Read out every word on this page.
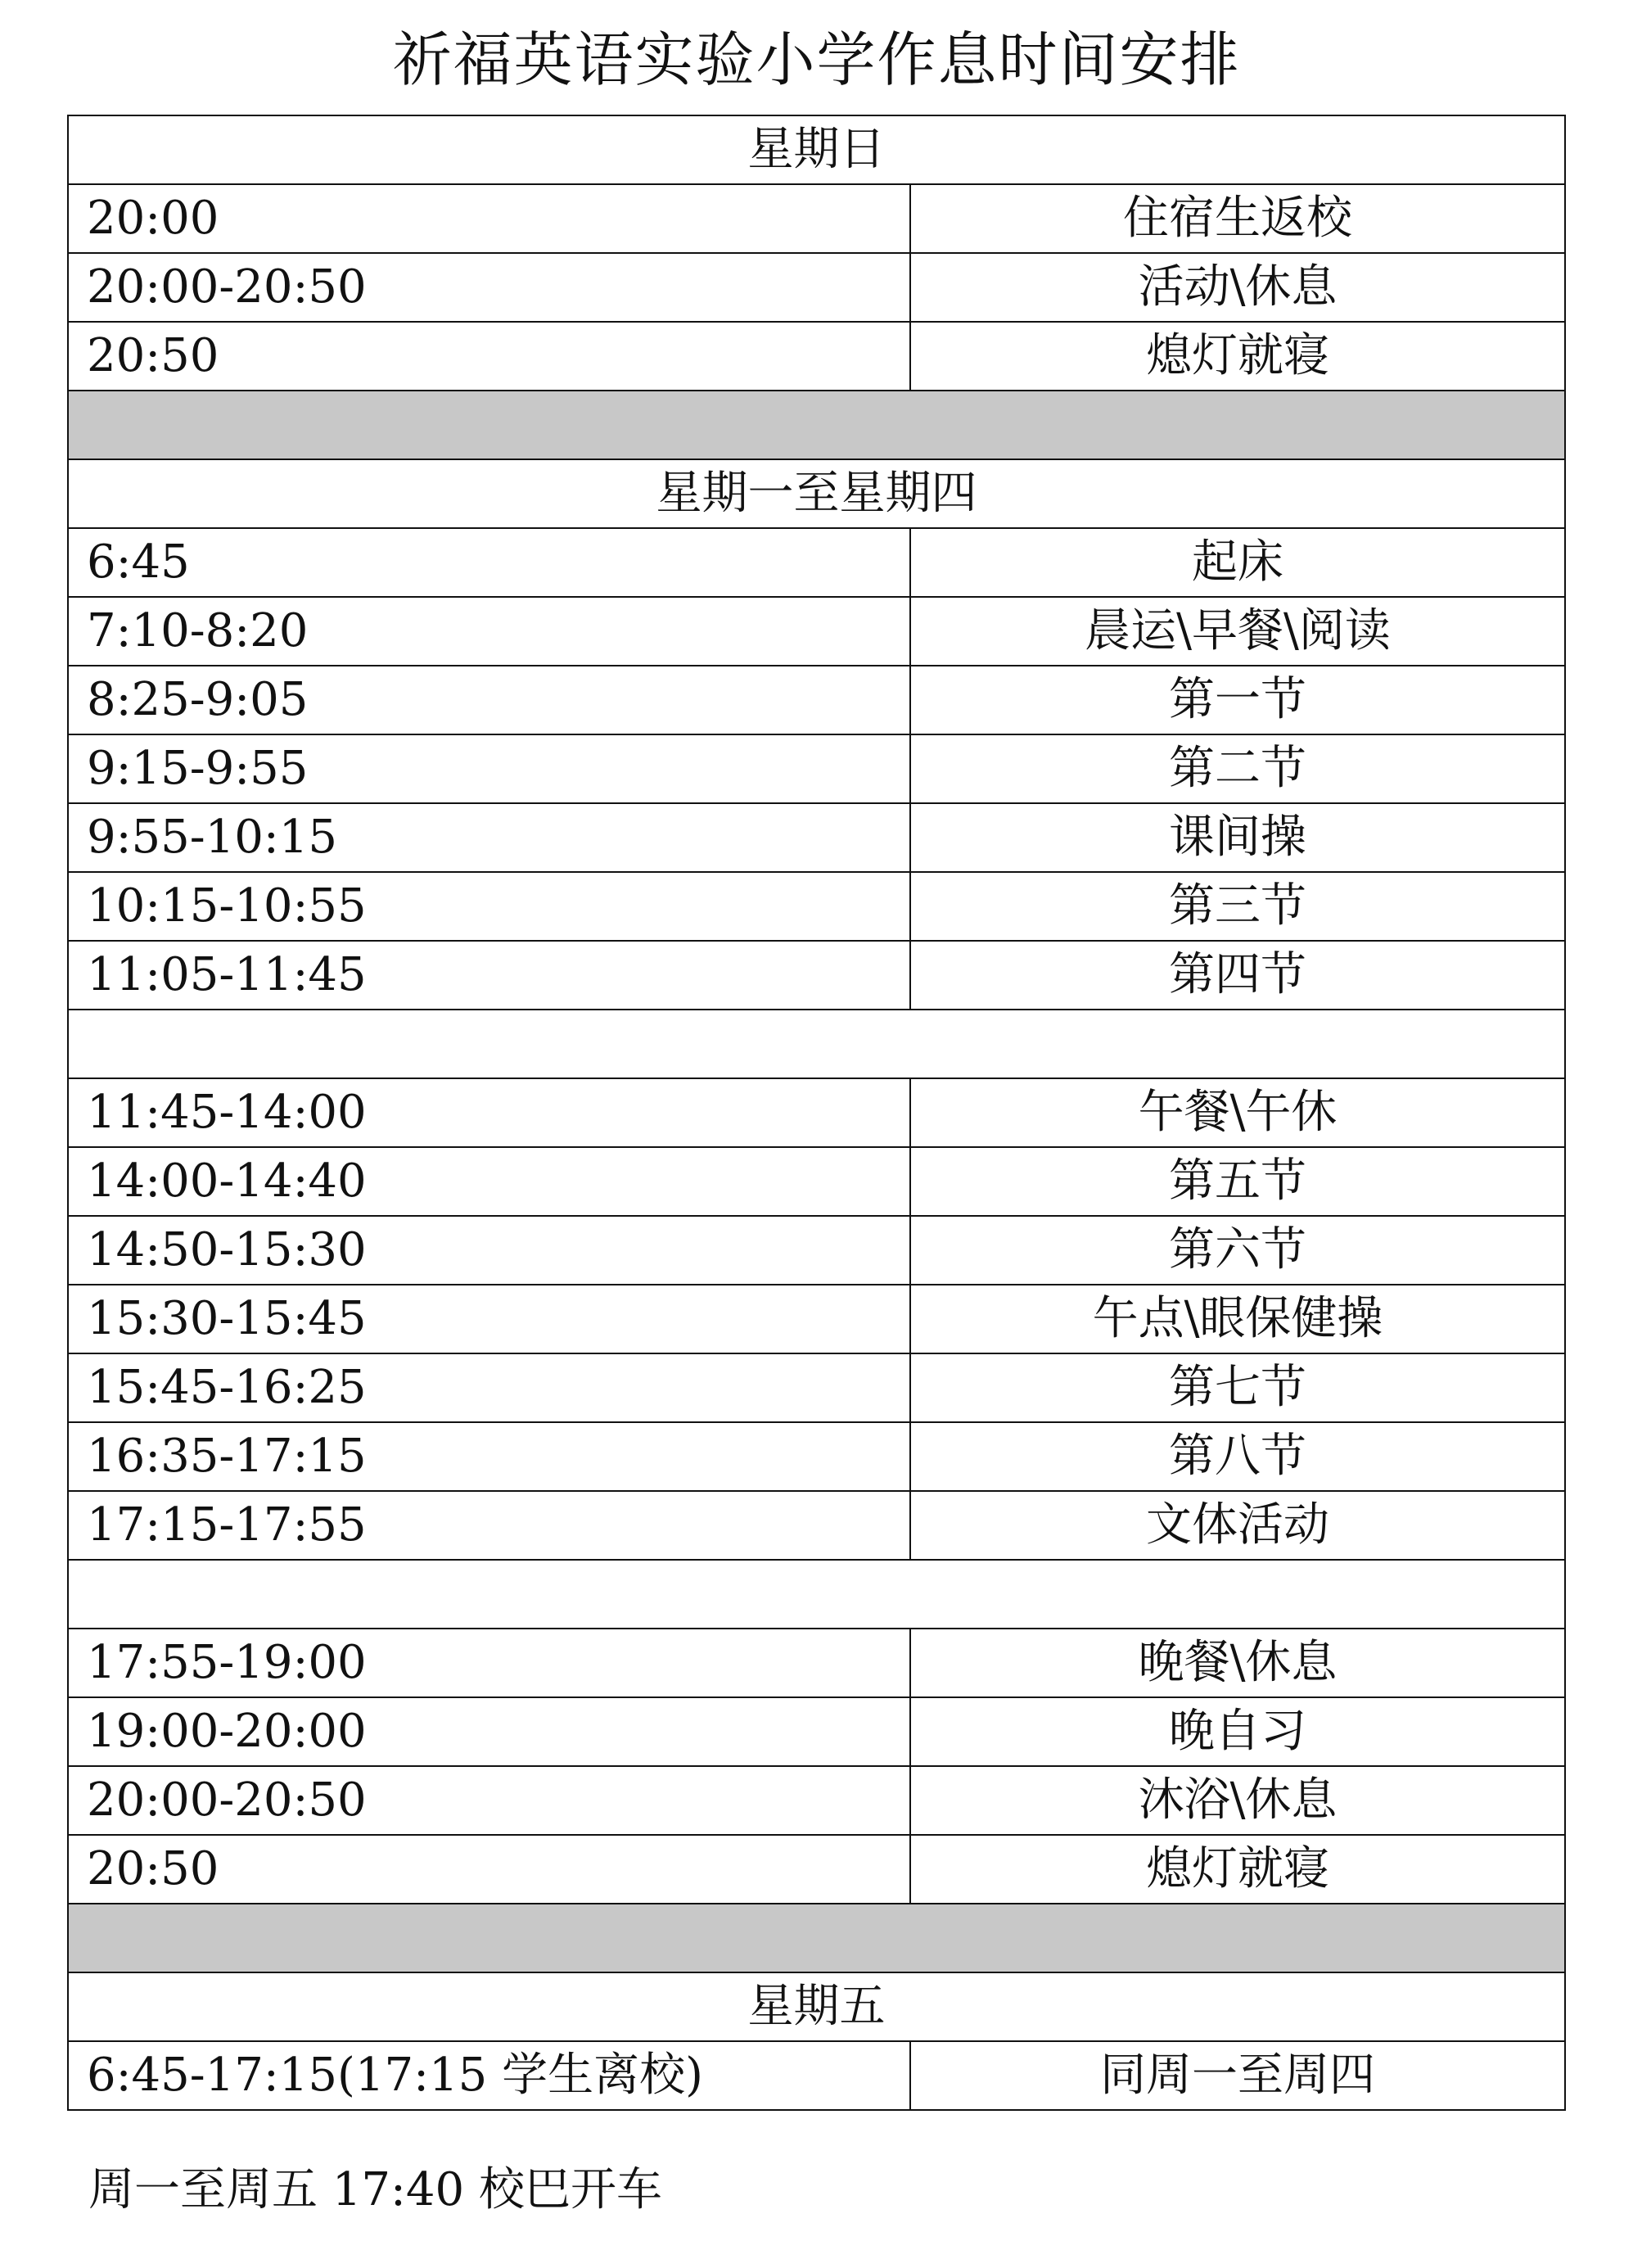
祈福英语实验小学作息时间安排
星期日	
20:00	住宿生返校
20:00-20:50	活动\休息
20:50	熄灯就寝

星期一至星期四	
6:45	起床
7:10-8:20	晨运\早餐\阅读
8:25-9:05	第一节
9:15-9:55	第二节
9:55-10:15	课间操
10:15-10:55	第三节
11:05-11:45	第四节

11:45-14:00	午餐\午休
14:00-14:40	第五节
14:50-15:30	第六节
15:30-15:45	午点\眼保健操
15:45-16:25	第七节
16:35-17:15	第八节
17:15-17:55	文体活动

17:55-19:00	晚餐\休息
19:00-20:00	晚自习
20:00-20:50	沐浴\休息
20:50	熄灯就寝

星期五	
6:45-17:15(17:15 学生离校)	同周一至周四
周一至周五 17:40 校巴开车
